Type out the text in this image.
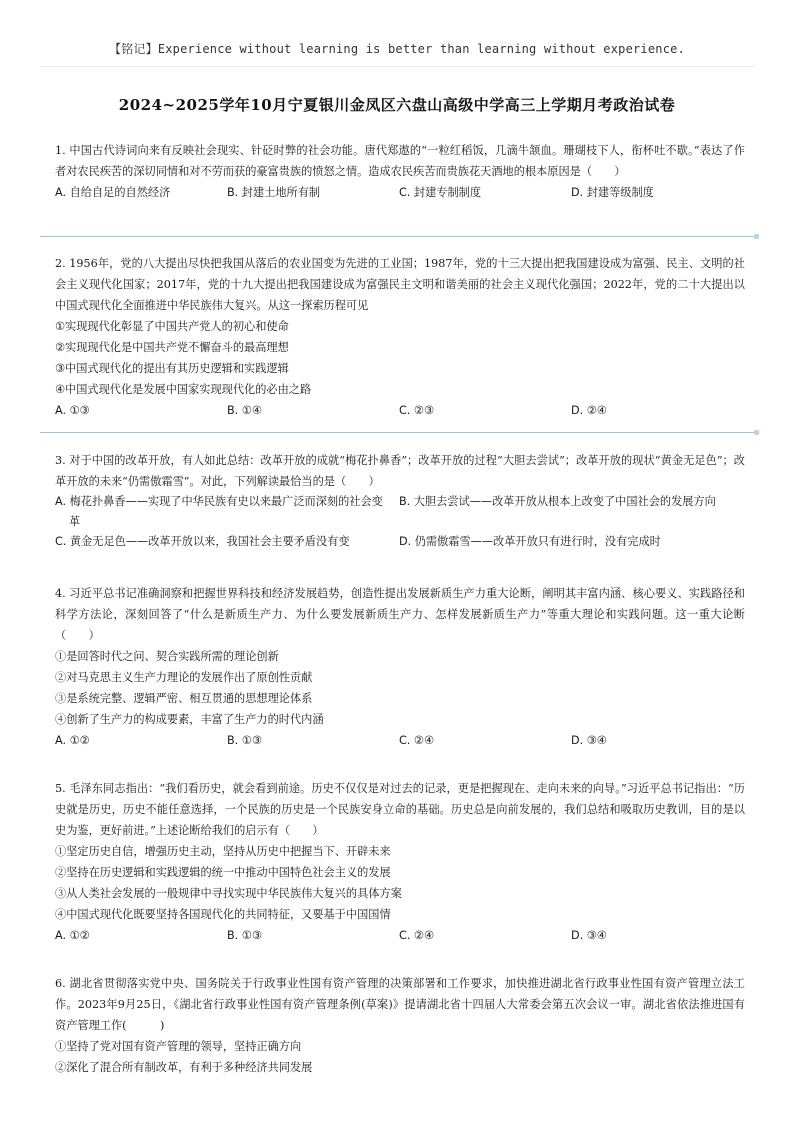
【铭记】Experience without learning is better than learning without experience.
2024~2025学年10月宁夏银川金凤区六盘山高级中学高三上学期月考政治试卷

1. 中国古代诗词向来有反映社会现实、针砭时弊的社会功能。唐代郑遨的“一粒红稻饭，几滴牛颔血。珊瑚枝下人，衔杯吐不歇。”表达了作者对农民疾苦的深切同情和对不劳而获的豪富贵族的愤怒之情。造成农民疾苦而贵族花天酒地的根本原因是（　　）

A. 自给自足的自然经济	B. 封建土地所有制	C. 封建专制制度	D. 封建等级制度

2. 1956年，党的八大提出尽快把我国从落后的农业国变为先进的工业国；1987年，党的十三大提出把我国建设成为富强、民主、文明的社会主义现代化国家；2017年，党的十九大提出把我国建设成为富强民主文明和谐美丽的社会主义现代化强国；2022年，党的二十大提出以中国式现代化全面推进中华民族伟大复兴。从这一探索历程可见

①实现现代化彰显了中国共产党人的初心和使命

②实现现代化是中国共产党不懈奋斗的最高理想

③中国式现代化的提出有其历史逻辑和实践逻辑

④中国式现代化是发展中国家实现现代化的必由之路

A. ①③	B. ①④	C. ②③	D. ②④

3. 对于中国的改革开放，有人如此总结：改革开放的成就“梅花扑鼻香”；改革开放的过程“大胆去尝试”；改革开放的现状“黄金无足色”；改革开放的未来“仍需傲霜雪”。对此，下列解读最恰当的是（　　）

A. 梅花扑鼻香——实现了中华民族有史以来最广泛而深刻的社会变革
B. 大胆去尝试——改革开放从根本上改变了中国社会的发展方向
C. 黄金无足色——改革开放以来，我国社会主要矛盾没有变	D. 仍需傲霜雪——改革开放只有进行时，没有完成时

4. 习近平总书记准确洞察和把握世界科技和经济发展趋势，创造性提出发展新质生产力重大论断，阐明其丰富内涵、核心要义、实践路径和科学方法论，深刻回答了“什么是新质生产力、为什么要发展新质生产力、怎样发展新质生产力”等重大理论和实践问题。这一重大论断（　　）

①是回答时代之问、契合实践所需的理论创新

②对马克思主义生产力理论的发展作出了原创性贡献

③是系统完整、逻辑严密、相互贯通的思想理论体系

④创新了生产力的构成要素，丰富了生产力的时代内涵

A. ①②	B. ①③	C. ②④	D. ③④

5. 毛泽东同志指出：“我们看历史，就会看到前途。历史不仅仅是对过去的记录，更是把握现在、走向未来的向导。”习近平总书记指出：“历史就是历史，历史不能任意选择，一个民族的历史是一个民族安身立命的基础。历史总是向前发展的，我们总结和吸取历史教训，目的是以史为鉴，更好前进。”上述论断给我们的启示有（　　）

①坚定历史自信，增强历史主动，坚持从历史中把握当下、开辟未来

②坚持在历史逻辑和实践逻辑的统一中推动中国特色社会主义的发展

③从人类社会发展的一般规律中寻找实现中华民族伟大复兴的具体方案

④中国式现代化既要坚持各国现代化的共同特征，又要基于中国国情

A. ①②	B. ①③	C. ②④	D. ③④

6. 湖北省贯彻落实党中央、国务院关于行政事业性国有资产管理的决策部署和工作要求，加快推进湖北省行政事业性国有资产管理立法工作。2023年9月25日，《湖北省行政事业性国有资产管理条例(草案)》提请湖北省十四届人大常委会第五次会议一审。湖北省依法推进国有资产管理工作(　　　)

①坚持了党对国有资产管理的领导，坚持正确方向

②深化了混合所有制改革，有利于多种经济共同发展
